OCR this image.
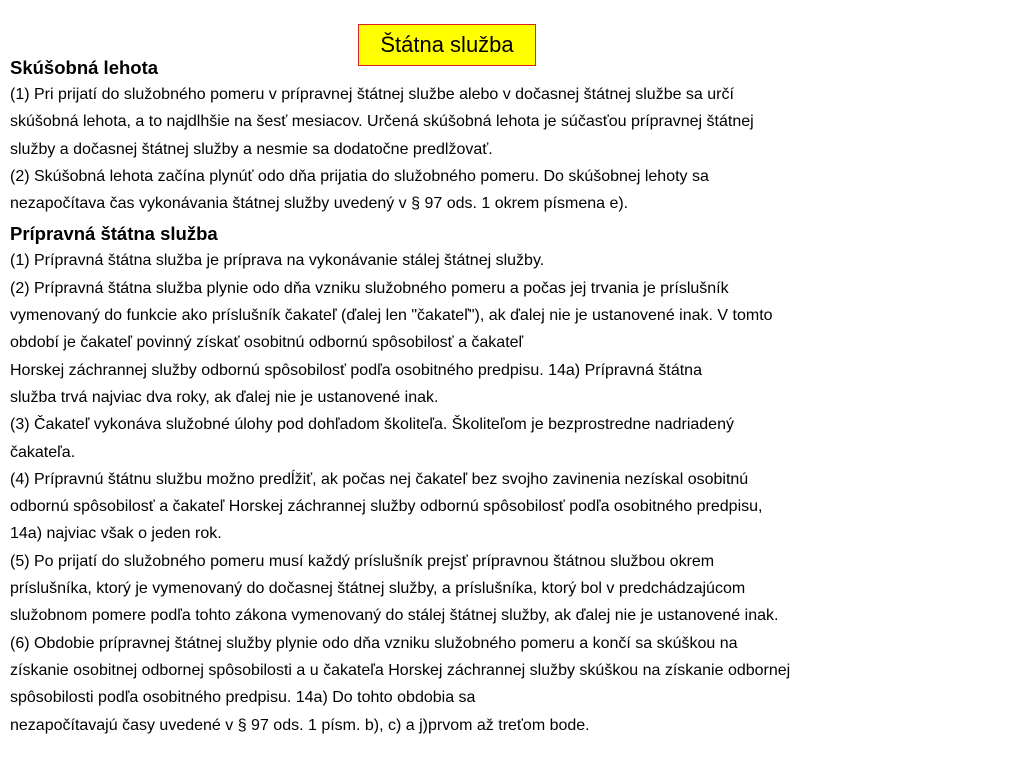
Štátna služba
Skúšobná lehota

(1) Pri prijatí do služobného pomeru v prípravnej štátnej službe alebo v dočasnej štátnej službe sa určí
skúšobná lehota, a to najdlhšie na šesť mesiacov. Určená skúšobná lehota je súčasťou prípravnej štátnej
služby a dočasnej štátnej služby a nesmie sa dodatočne predlžovať.
(2) Skúšobná lehota začína plynúť odo dňa prijatia do služobného pomeru. Do skúšobnej lehoty sa
nezapočítava čas vykonávania štátnej služby uvedený v § 97 ods. 1 okrem písmena e).

Prípravná štátna služba

(1) Prípravná štátna služba je príprava na vykonávanie stálej štátnej služby.
(2) Prípravná štátna služba plynie odo dňa vzniku služobného pomeru a počas jej trvania je príslušník
vymenovaný do funkcie ako príslušník čakateľ (ďalej len "čakateľ"), ak ďalej nie je ustanovené inak. V tomto
období je čakateľ povinný získať osobitnú odbornú spôsobilosť a čakateľ
Horskej záchrannej služby odbornú spôsobilosť podľa osobitného predpisu. 14a) Prípravná štátna
služba trvá najviac dva roky, ak ďalej nie je ustanovené inak.
(3) Čakateľ vykonáva služobné úlohy pod dohľadom školiteľa. Školiteľom je bezprostredne nadriadený
čakateľa.
(4) Prípravnú štátnu službu možno predĺžiť, ak počas nej čakateľ bez svojho zavinenia nezískal osobitnú
odbornú spôsobilosť a čakateľ Horskej záchrannej služby odbornú spôsobilosť podľa osobitného predpisu,
14a) najviac však o jeden rok.
(5) Po prijatí do služobného pomeru musí každý príslušník prejsť prípravnou štátnou službou okrem
príslušníka, ktorý je vymenovaný do dočasnej štátnej služby, a príslušníka, ktorý bol v predchádzajúcom
služobnom pomere podľa tohto zákona vymenovaný do stálej štátnej služby, ak ďalej nie je ustanovené inak.
(6) Obdobie prípravnej štátnej služby plynie odo dňa vzniku služobného pomeru a končí sa skúškou na
získanie osobitnej odbornej spôsobilosti a u čakateľa Horskej záchrannej služby skúškou na získanie odbornej
spôsobilosti podľa osobitného predpisu. 14a) Do tohto obdobia sa
nezapočítavajú časy uvedené v § 97 ods. 1 písm. b), c) a j)prvom až treťom bode.
